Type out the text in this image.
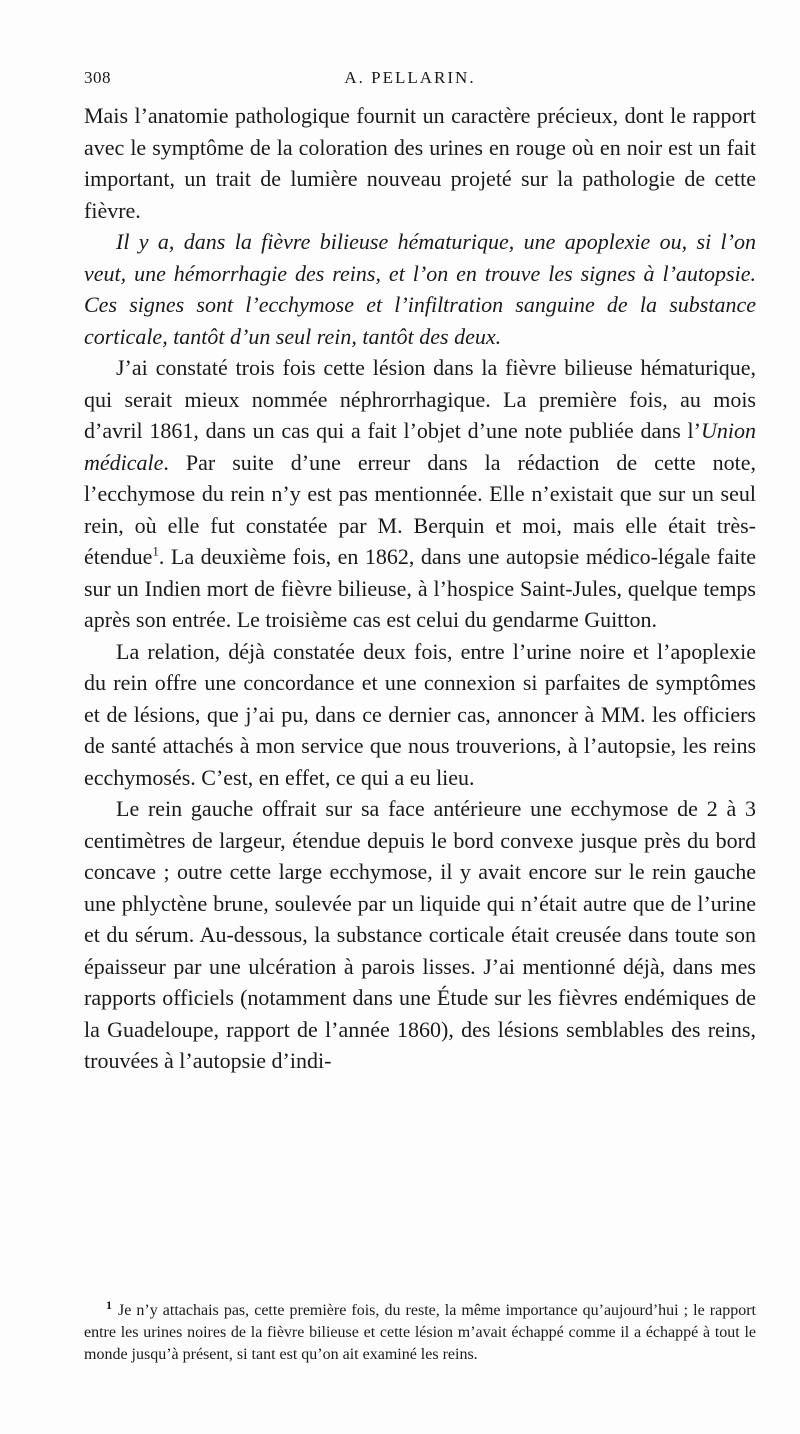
308	A. PELLARIN.

Mais l’anatomie pathologique fournit un caractère précieux, dont le rapport avec le symptôme de la coloration des urines en rouge où en noir est un fait important, un trait de lumière nouveau projeté sur la pathologie de cette fièvre.

Il y a, dans la fièvre bilieuse hématurique, une apoplexie ou, si l’on veut, une hémorrhagie des reins, et l’on en trouve les signes à l’autopsie. Ces signes sont l’ecchymose et l’infiltration sanguine de la substance corticale, tantôt d’un seul rein, tantôt des deux.

J’ai constaté trois fois cette lésion dans la fièvre bilieuse hématurique, qui serait mieux nommée néphrorrhagique. La première fois, au mois d’avril 1861, dans un cas qui a fait l’objet d’une note publiée dans l’Union médicale. Par suite d’une erreur dans la rédaction de cette note, l’ecchymose du rein n’y est pas mentionnée. Elle n’existait que sur un seul rein, où elle fut constatée par M. Berquin et moi, mais elle était très-étendue$^1$. La deuxième fois, en 1862, dans une autopsie médico-légale faite sur un Indien mort de fièvre bilieuse, à l’hospice Saint-Jules, quelque temps après son entrée. Le troisième cas est celui du gendarme Guitton.

La relation, déjà constatée deux fois, entre l’urine noire et l’apoplexie du rein offre une concordance et une connexion si parfaites de symptômes et de lésions, que j’ai pu, dans ce dernier cas, annoncer à MM. les officiers de santé attachés à mon service que nous trouverions, à l’autopsie, les reins ecchymosés. C’est, en effet, ce qui a eu lieu.

Le rein gauche offrait sur sa face antérieure une ecchymose de 2 à 3 centimètres de largeur, étendue depuis le bord convexe jusque près du bord concave ; outre cette large ecchymose, il y avait encore sur le rein gauche une phlyctène brune, soulevée par un liquide qui n’était autre que de l’urine et du sérum. Au-dessous, la substance corticale était creusée dans toute son épaisseur par une ulcération à parois lisses. J’ai mentionné déjà, dans mes rapports officiels (notamment dans une Étude sur les fièvres endémiques de la Guadeloupe, rapport de l’année 1860), des lésions semblables des reins, trouvées à l’autopsie d’indi-

$^1$ Je n’y attachais pas, cette première fois, du reste, la même importance qu’aujourd’hui ; le rapport entre les urines noires de la fièvre bilieuse et cette lésion m’avait échappé comme il a échappé à tout le monde jusqu’à présent, si tant est qu’on ait examiné les reins.
